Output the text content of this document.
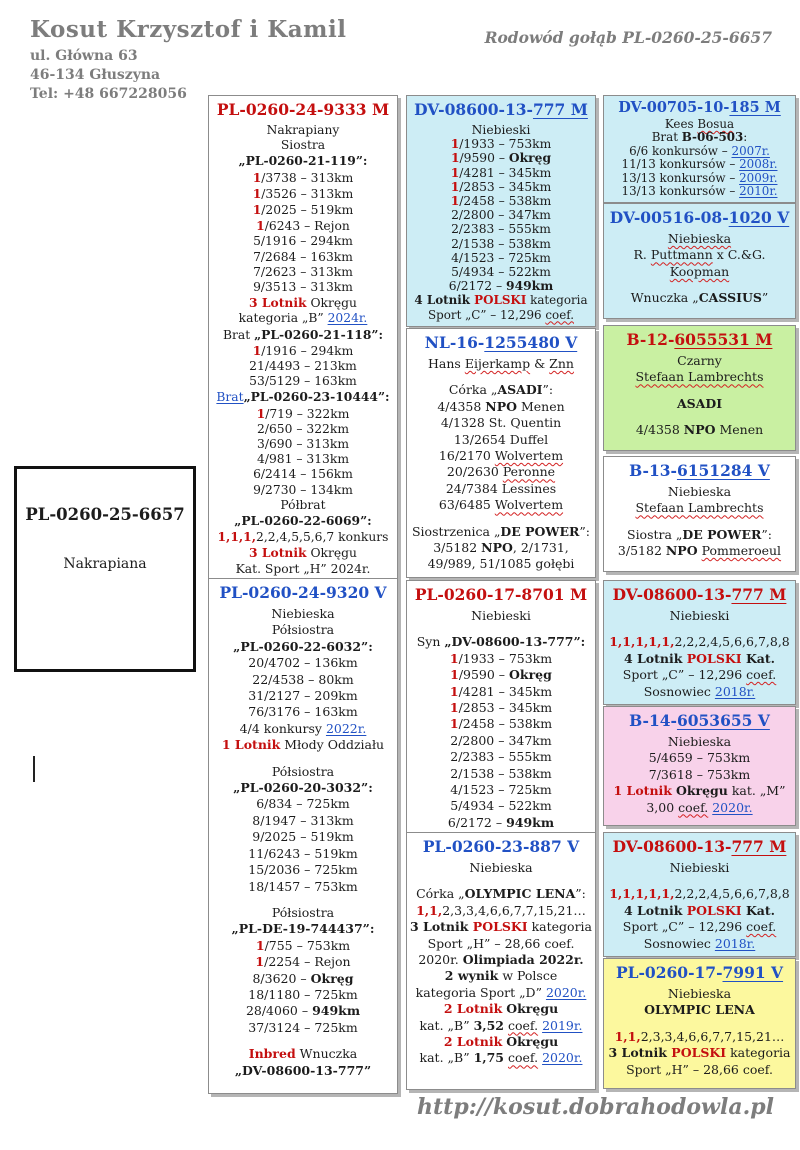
Kosut Krzysztof i Kamil
ul. Główna 63
46-134 Głuszyna
Tel: +48 667228056
Rodowód gołąb PL-0260-25-6657
PL-0260-25-6657
Nakrapiana
PL-0260-24-9333 M
Nakrapiany
Siostra
„PL-0260-21-119”:
1/3738 – 313km
1/3526 – 313km
1/2025 – 519km
1/6243 – Rejon
5/1916 – 294km
7/2684 – 163km
7/2623 – 313km
9/3513 – 313km
3 Lotnik Okręgu
kategoria „B” 2024r.
Brat „PL-0260-21-118”:
1/1916 – 294km
21/4493 – 213km
53/5129 – 163km
Brat„PL-0260-23-10444”:
1/719 – 322km
2/650 – 322km
3/690 – 313km
4/981 – 313km
6/2414 – 156km
9/2730 – 134km
Półbrat
„PL-0260-22-6069”:
1,1,1,2,2,4,5,5,6,7 konkurs
3 Lotnik Okręgu
Kat. Sport „H” 2024r.
PL-0260-24-9320 V
Niebieska
Półsiostra
„PL-0260-22-6032”:
20/4702 – 136km
22/4538 – 80km
31/2127 – 209km
76/3176 – 163km
4/4 konkursy 2022r.
1 Lotnik Młody Oddziału
Półsiostra
„PL-0260-20-3032”:
6/834 – 725km
8/1947 – 313km
9/2025 – 519km
11/6243 – 519km
15/2036 – 725km
18/1457 – 753km
Półsiostra
„PL-DE-19-744437”:
1/755 – 753km
1/2254 – Rejon
8/3620 – Okręg
18/1180 – 725km
28/4060 – 949km
37/3124 – 725km
Inbred Wnuczka
„DV-08600-13-777”
DV-08600-13-777 M
Niebieski
1/1933 – 753km
1/9590 – Okręg
1/4281 – 345km
1/2853 – 345km
1/2458 – 538km
2/2800 – 347km
2/2383 – 555km
2/1538 – 538km
4/1523 – 725km
5/4934 – 522km
6/2172 – 949km
4 Lotnik POLSKI kategoria
Sport „C” – 12,296 coef.
NL-16-1255480 V
Hans Eijerkamp & Znn
Córka „ASADI”:
4/4358 NPO Menen
4/1328 St. Quentin
13/2654 Duffel
16/2170 Wolvertem
20/2630 Peronne
24/7384 Lessines
63/6485 Wolvertem
Siostrzenica „DE POWER”:
3/5182 NPO, 2/1731,
49/989, 51/1085 gołębi
PL-0260-17-8701 M
Niebieski
Syn „DV-08600-13-777”:
1/1933 – 753km
1/9590 – Okręg
1/4281 – 345km
1/2853 – 345km
1/2458 – 538km
2/2800 – 347km
2/2383 – 555km
2/1538 – 538km
4/1523 – 725km
5/4934 – 522km
6/2172 – 949km
PL-0260-23-887 V
Niebieska
Córka „OLYMPIC LENA”:
1,1,2,3,3,4,6,6,7,7,15,21…
3 Lotnik POLSKI kategoria
Sport „H” – 28,66 coef.
2020r. Olimpiada 2022r.
2 wynik w Polsce
kategoria Sport „D” 2020r.
2 Lotnik Okręgu
kat. „B” 3,52 coef. 2019r.
2 Lotnik Okręgu
kat. „B” 1,75 coef. 2020r.
DV-00705-10-185 M
Kees Bosua
Brat B-06-503:
6/6 konkursów – 2007r.
11/13 konkursów – 2008r.
13/13 konkursów – 2009r.
13/13 konkursów – 2010r.
DV-00516-08-1020 V
Niebieska
R. Puttmann x C.&G.
Koopman
Wnuczka „CASSIUS”
B-12-6055531 M
Czarny
Stefaan Lambrechts
ASADI
4/4358 NPO Menen
B-13-6151284 V
Niebieska
Stefaan Lambrechts
Siostra „DE POWER”:
3/5182 NPO Pommeroeul
DV-08600-13-777 M
Niebieski
1,1,1,1,1,2,2,2,4,5,6,6,7,8,8
4 Lotnik POLSKI Kat.
Sport „C” – 12,296 coef.
Sosnowiec 2018r.
B-14-6053655 V
Niebieska
5/4659 – 753km
7/3618 – 753km
1 Lotnik Okręgu kat. „M”
3,00 coef. 2020r.
DV-08600-13-777 M
Niebieski
1,1,1,1,1,2,2,2,4,5,6,6,7,8,8
4 Lotnik POLSKI Kat.
Sport „C” – 12,296 coef.
Sosnowiec 2018r.
PL-0260-17-7991 V
Niebieska
OLYMPIC LENA
1,1,2,3,3,4,6,6,7,7,15,21…
3 Lotnik POLSKI kategoria
Sport „H” – 28,66 coef.
http://kosut.dobrahodowla.pl
